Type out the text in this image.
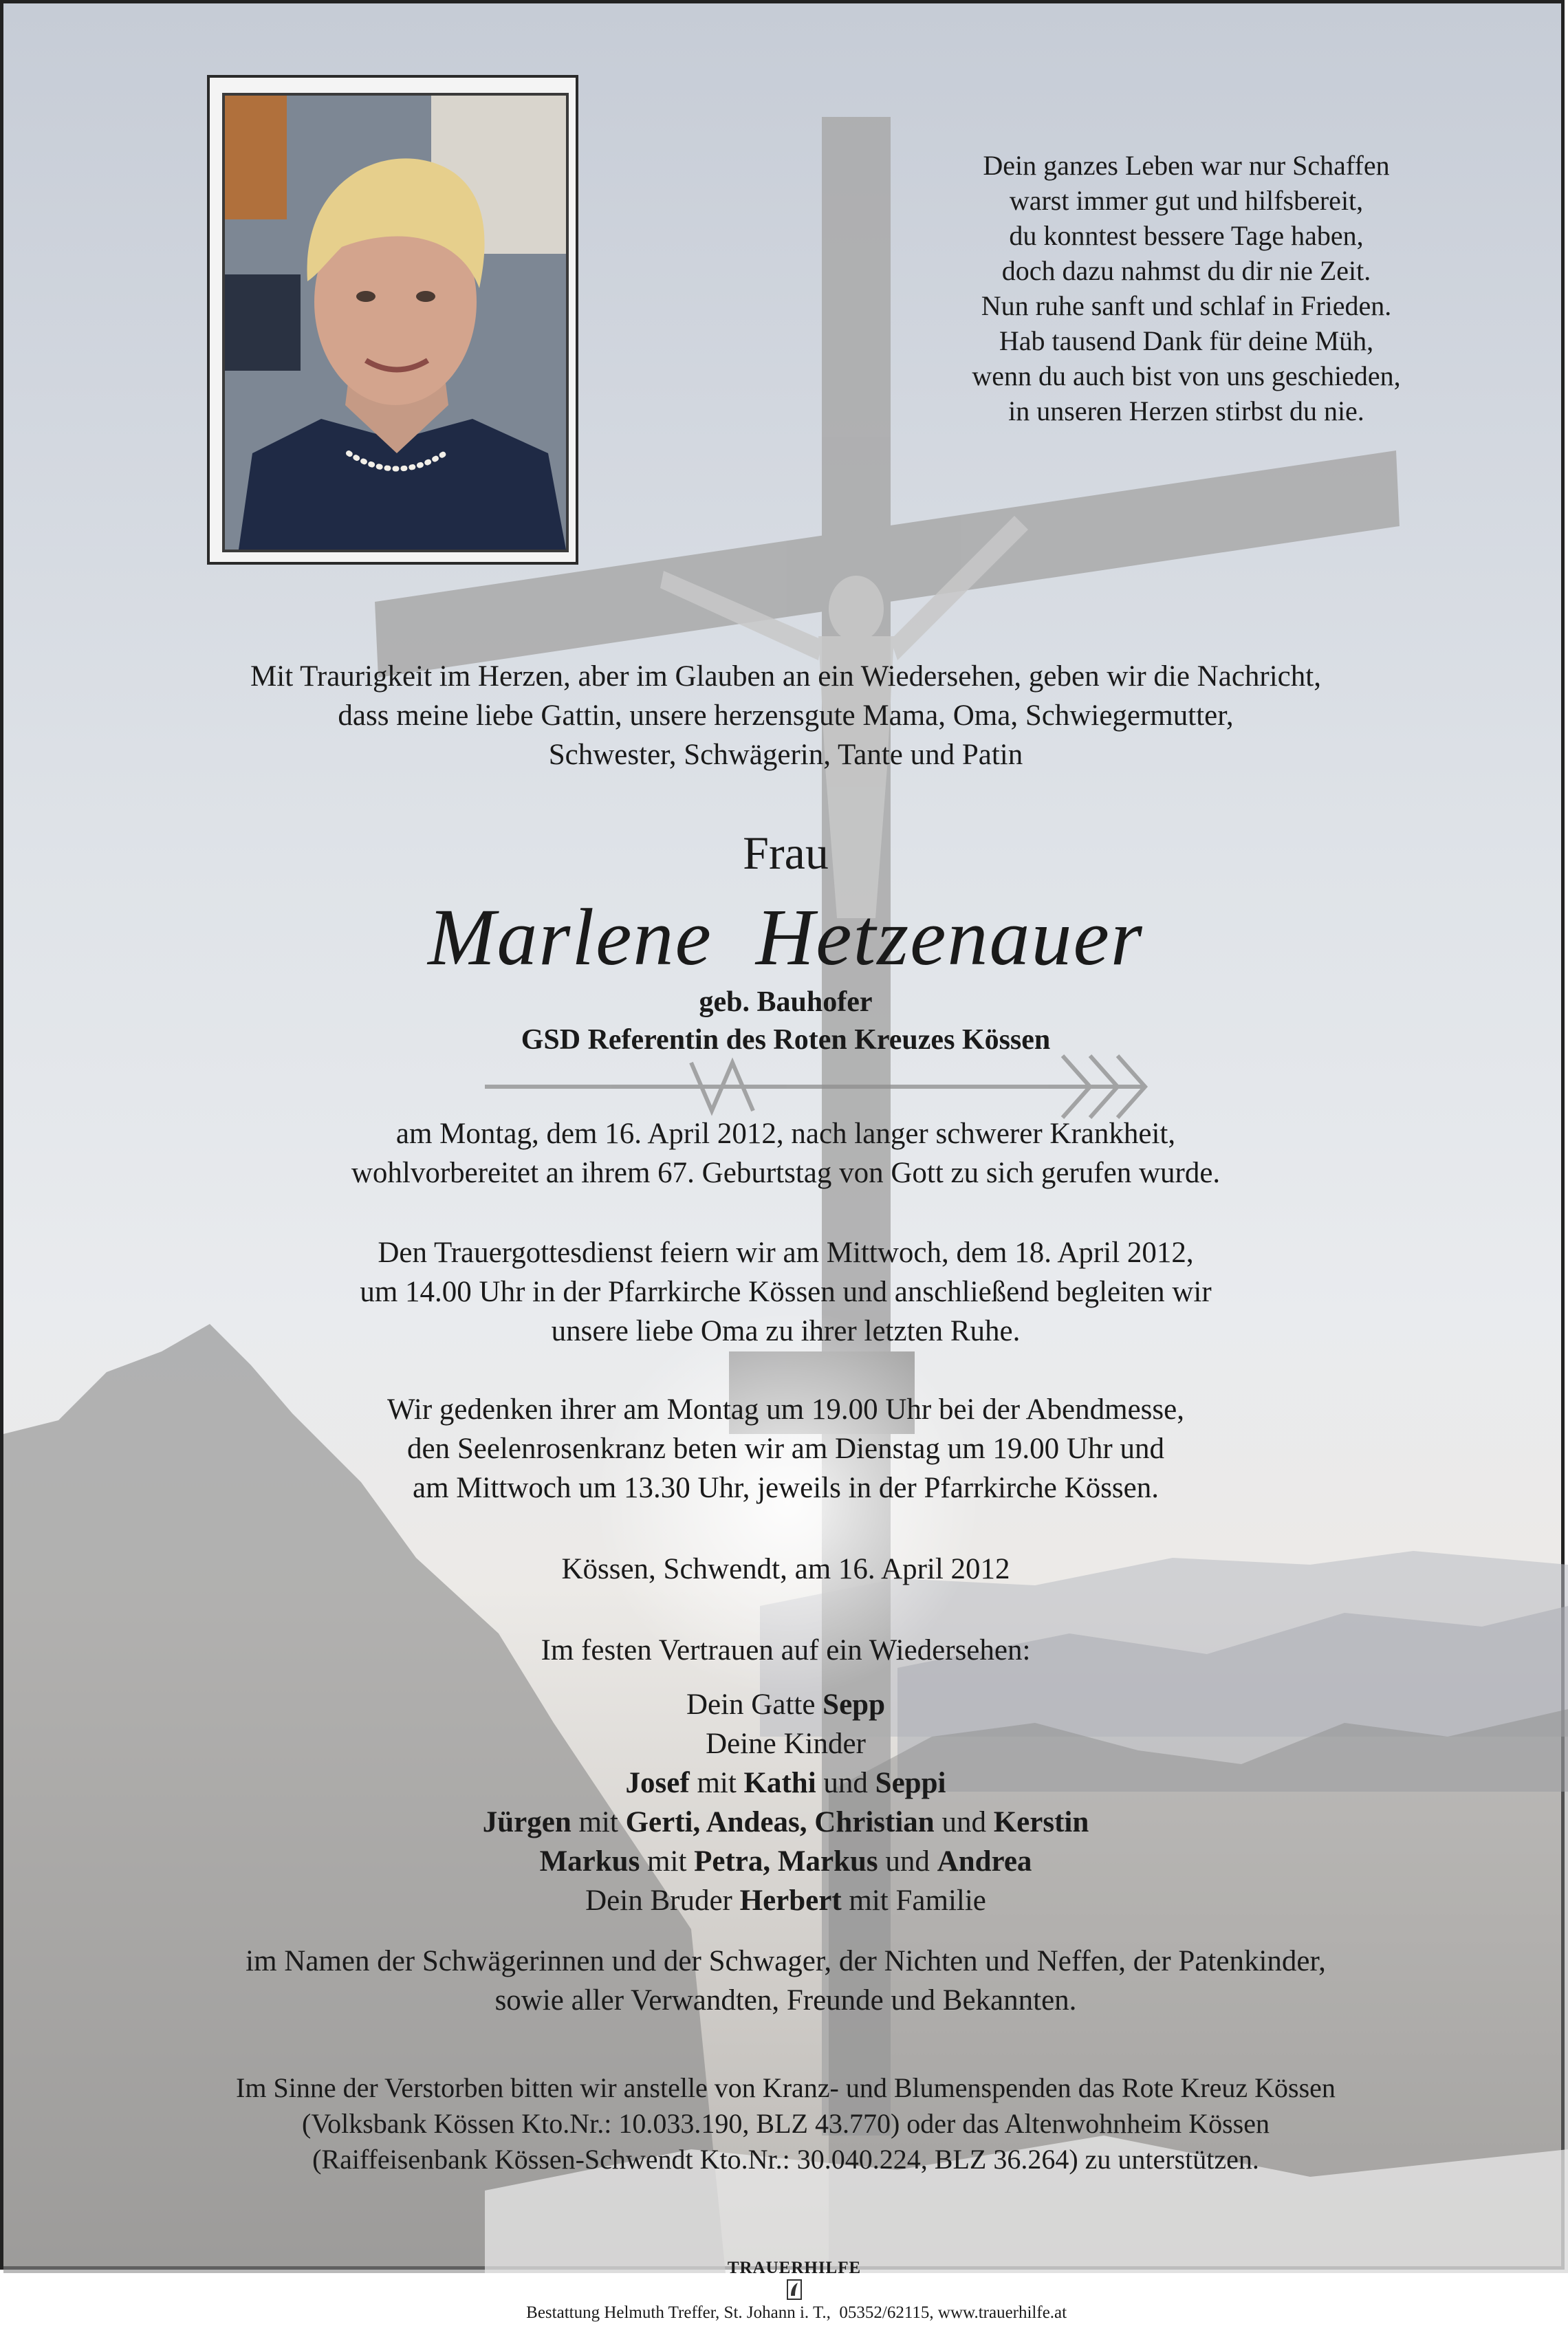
Dein ganzes Leben war nur Schaffen
warst immer gut und hilfsbereit,
du konntest bessere Tage haben,
doch dazu nahmst du dir nie Zeit.
Nun ruhe sanft und schlaf in Frieden.
Hab tausend Dank für deine Müh,
wenn du auch bist von uns geschieden,
in unseren Herzen stirbst du nie.
Mit Traurigkeit im Herzen, aber im Glauben an ein Wiedersehen, geben wir die Nachricht,
dass meine liebe Gattin, unsere herzensgute Mama, Oma, Schwiegermutter,
Schwester, Schwägerin, Tante und Patin
Frau
Marlene  Hetzenauer
geb. Bauhofer
GSD Referentin des Roten Kreuzes Kössen
am Montag, dem 16. April 2012, nach langer schwerer Krankheit,
wohlvorbereitet an ihrem 67. Geburtstag von Gott zu sich gerufen wurde.
Den Trauergottesdienst feiern wir am Mittwoch, dem 18. April 2012,
um 14.00 Uhr in der Pfarrkirche Kössen und anschließend begleiten wir
unsere liebe Oma zu ihrer letzten Ruhe.
Wir gedenken ihrer am Montag um 19.00 Uhr bei der Abendmesse,
den Seelenrosenkranz beten wir am Dienstag um 19.00 Uhr und
am Mittwoch um 13.30 Uhr, jeweils in der Pfarrkirche Kössen.
Kössen, Schwendt, am 16. April 2012
Im festen Vertrauen auf ein Wiedersehen:
Dein Gatte Sepp
Deine Kinder
Josef mit Kathi und Seppi
Jürgen mit Gerti, Andeas, Christian und Kerstin
Markus mit Petra, Markus und Andrea
Dein Bruder Herbert mit Familie
im Namen der Schwägerinnen und der Schwager, der Nichten und Neffen, der Patenkinder,
sowie aller Verwandten, Freunde und Bekannten.
Im Sinne der Verstorben bitten wir anstelle von Kranz- und Blumenspenden das Rote Kreuz Kössen
(Volksbank Kössen Kto.Nr.: 10.033.190, BLZ 43.770) oder das Altenwohnheim Kössen
(Raiffeisenbank Kössen-Schwendt Kto.Nr.: 30.040.224, BLZ 36.264) zu unterstützen.

TRAUERHILFE

Bestattung Helmuth Treffer, St. Johann i. T.,  05352/62115, www.trauerhilfe.at
